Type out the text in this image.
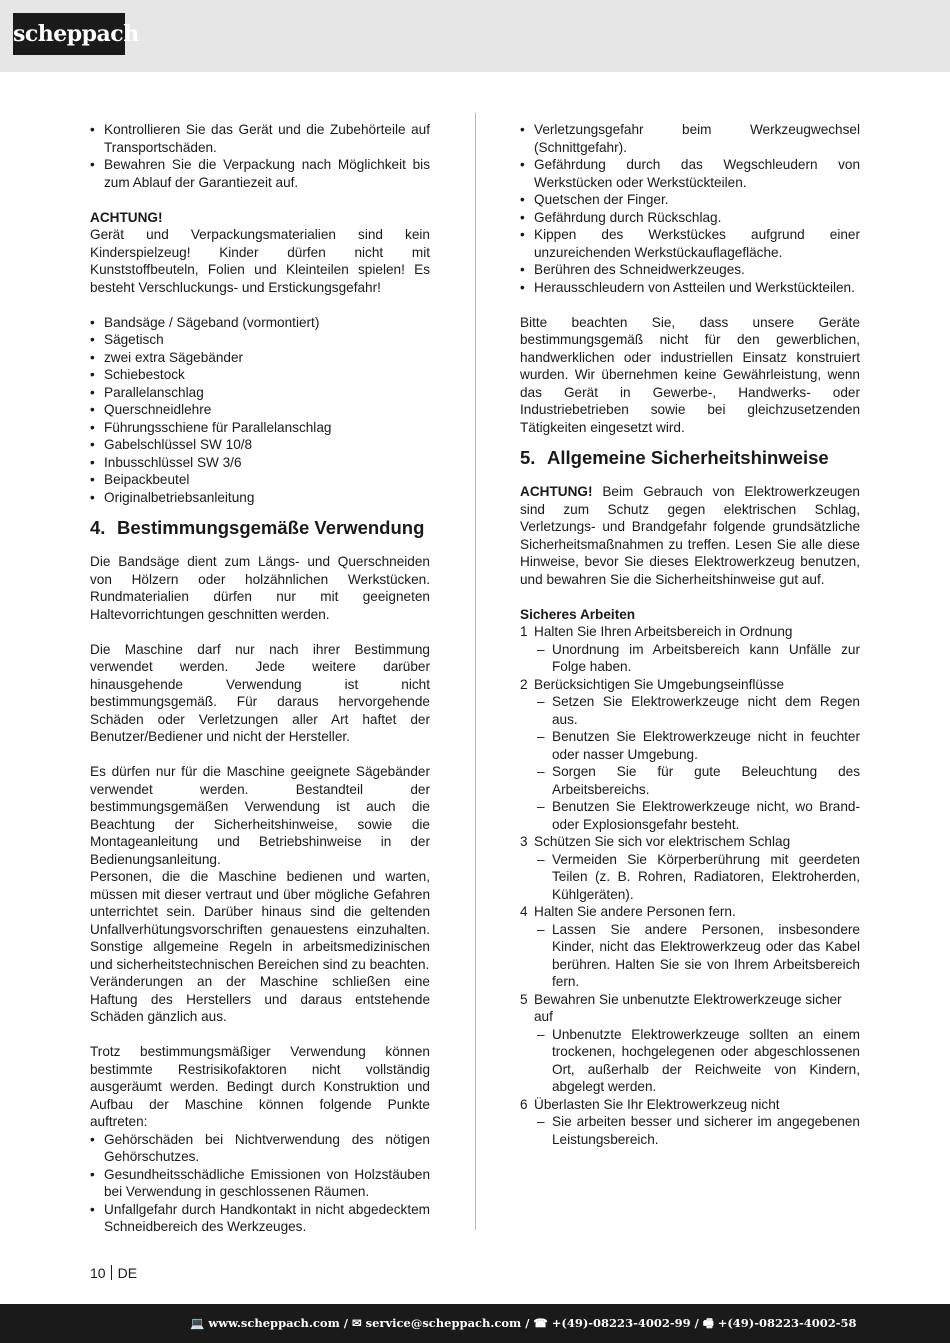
scheppach
• Kontrollieren Sie das Gerät und die Zubehörteile auf Transportschäden.
• Bewahren Sie die Verpackung nach Möglichkeit bis zum Ablauf der Garantiezeit auf.

ACHTUNG!

Gerät und Verpackungsmaterialien sind kein Kinderspielzeug! Kinder dürfen nicht mit Kunststoffbeuteln, Folien und Kleinteilen spielen! Es besteht Verschluckungs- und Erstickungsgefahr!

• Bandsäge / Sägeband (vormontiert)
• Sägetisch
• zwei extra Sägebänder
• Schiebestock
• Parallelanschlag
• Querschneidlehre
• Führungsschiene für Parallelanschlag
• Gabelschlüssel SW 10/8
• Inbusschlüssel SW 3/6
• Beipackbeutel
• Originalbetriebsanleitung
4. Bestimmungsgemäße Verwendung

Die Bandsäge dient zum Längs- und Querschneiden von Hölzern oder holzähnlichen Werkstücken. Rundmaterialien dürfen nur mit geeigneten Haltevorrichtungen geschnitten werden.

Die Maschine darf nur nach ihrer Bestimmung verwendet werden. Jede weitere darüber hinausgehende Verwendung ist nicht bestimmungsgemäß. Für daraus hervorgehende Schäden oder Verletzungen aller Art haftet der Benutzer/Bediener und nicht der Hersteller.

Es dürfen nur für die Maschine geeignete Sägebänder verwendet werden. Bestandteil der bestimmungsgemäßen Verwendung ist auch die Beachtung der Sicherheitshinweise, sowie die Montageanleitung und Betriebshinweise in der Bedienungsanleitung.

Personen, die die Maschine bedienen und warten, müssen mit dieser vertraut und über mögliche Gefahren unterrichtet sein. Darüber hinaus sind die geltenden Unfallverhütungsvorschriften genauestens einzuhalten. Sonstige allgemeine Regeln in arbeitsmedizinischen und sicherheitstechnischen Bereichen sind zu beachten.

Veränderungen an der Maschine schließen eine Haftung des Herstellers und daraus entstehende Schäden gänzlich aus.

Trotz bestimmungsmäßiger Verwendung können bestimmte Restrisikofaktoren nicht vollständig ausgeräumt werden. Bedingt durch Konstruktion und Aufbau der Maschine können folgende Punkte auftreten:

• Gehörschäden bei Nichtverwendung des nötigen Gehörschutzes.
• Gesundheitsschädliche Emissionen von Holzstäuben bei Verwendung in geschlossenen Räumen.
• Unfallgefahr durch Handkontakt in nicht abgedecktem Schneidbereich des Werkzeuges.
• Verletzungsgefahr beim Werkzeugwechsel (Schnittgefahr).
• Gefährdung durch das Wegschleudern von Werkstücken oder Werkstückteilen.
• Quetschen der Finger.
• Gefährdung durch Rückschlag.
• Kippen des Werkstückes aufgrund einer unzureichenden Werkstückauflagefläche.
• Berühren des Schneidwerkzeuges.
• Herausschleudern von Astteilen und Werkstückteilen.

Bitte beachten Sie, dass unsere Geräte bestimmungsgemäß nicht für den gewerblichen, handwerklichen oder industriellen Einsatz konstruiert wurden. Wir übernehmen keine Gewährleistung, wenn das Gerät in Gewerbe-, Handwerks- oder Industriebetrieben sowie bei gleichzusetzenden Tätigkeiten eingesetzt wird.

5. Allgemeine Sicherheitshinweise

ACHTUNG! Beim Gebrauch von Elektrowerkzeugen sind zum Schutz gegen elektrischen Schlag, Verletzungs- und Brandgefahr folgende grundsätzliche Sicherheitsmaßnahmen zu treffen. Lesen Sie alle diese Hinweise, bevor Sie dieses Elektrowerkzeug benutzen, und bewahren Sie die Sicherheitshinweise gut auf.

Sicheres Arbeiten

1 Halten Sie Ihren Arbeitsbereich in Ordnung
– Unordnung im Arbeitsbereich kann Unfälle zur Folge haben.
2 Berücksichtigen Sie Umgebungseinflüsse
– Setzen Sie Elektrowerkzeuge nicht dem Regen aus.
– Benutzen Sie Elektrowerkzeuge nicht in feuchter oder nasser Umgebung.
– Sorgen Sie für gute Beleuchtung des Arbeitsbereichs.
– Benutzen Sie Elektrowerkzeuge nicht, wo Brand- oder Explosionsgefahr besteht.
3 Schützen Sie sich vor elektrischem Schlag
– Vermeiden Sie Körperberührung mit geerdeten Teilen (z. B. Rohren, Radiatoren, Elektroherden, Kühlgeräten).
4 Halten Sie andere Personen fern.
– Lassen Sie andere Personen, insbesondere Kinder, nicht das Elektrowerkzeug oder das Kabel berühren. Halten Sie sie von Ihrem Arbeitsbereich fern.
5 Bewahren Sie unbenutzte Elektrowerkzeuge sicher auf
– Unbenutzte Elektrowerkzeuge sollten an einem trockenen, hochgelegenen oder abgeschlossenen Ort, außerhalb der Reichweite von Kindern, abgelegt werden.
6 Überlasten Sie Ihr Elektrowerkzeug nicht
– Sie arbeiten besser und sicherer im angegebenen Leistungsbereich.
10 DE
💻 www.scheppach.com / ✉ service@scheppach.com / ☎ +(49)-08223-4002-99 / 🖷 +(49)-08223-4002-58
